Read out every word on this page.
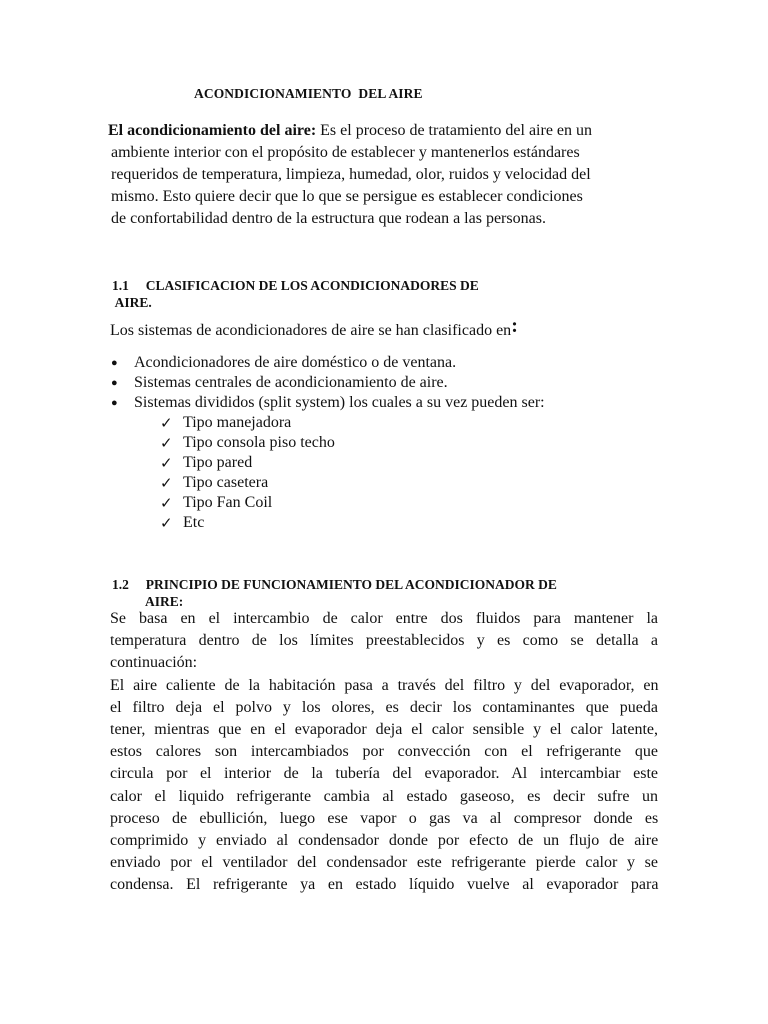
ACONDICIONAMIENTO  DEL AIRE
El acondicionamiento del aire: Es el proceso de tratamiento del aire en un
ambiente interior con el propósito de establecer y mantenerlos estándares
requeridos de temperatura, limpieza, humedad, olor, ruidos y velocidad del
mismo. Esto quiere decir que lo que se persigue es establecer condiciones
de confortabilidad dentro de la estructura que rodean a las personas.
1.1     CLASIFICACION DE LOS ACONDICIONADORES DE
AIRE.
Los sistemas de acondicionadores de aire se han clasificado en:
● Acondicionadores de aire doméstico o de ventana.
● Sistemas centrales de acondicionamiento de aire.
● Sistemas divididos (split system) los cuales a su vez pueden ser:
✓ Tipo manejadora
✓ Tipo consola piso techo
✓ Tipo pared
✓ Tipo casetera
✓ Tipo Fan Coil
✓ Etc
1.2     PRINCIPIO DE FUNCIONAMIENTO DEL ACONDICIONADOR DE
AIRE:
Se basa en el intercambio de calor entre dos fluidos para mantener la
temperatura dentro de los límites preestablecidos y es como se detalla a
continuación:
El aire caliente de la habitación pasa a través del filtro y del evaporador, en
el filtro deja el polvo y los olores, es decir los contaminantes que pueda
tener, mientras que en el evaporador deja el calor sensible y el calor latente,
estos calores son intercambiados por convección con el refrigerante que
circula por el interior de la tubería del evaporador. Al intercambiar este
calor el liquido refrigerante cambia al estado gaseoso, es decir sufre un
proceso de ebullición, luego ese vapor o gas va al compresor donde es
comprimido y enviado al condensador donde por efecto de un flujo de aire
enviado por el ventilador del condensador este refrigerante pierde calor y se
condensa. El refrigerante ya en estado líquido vuelve al evaporador para
